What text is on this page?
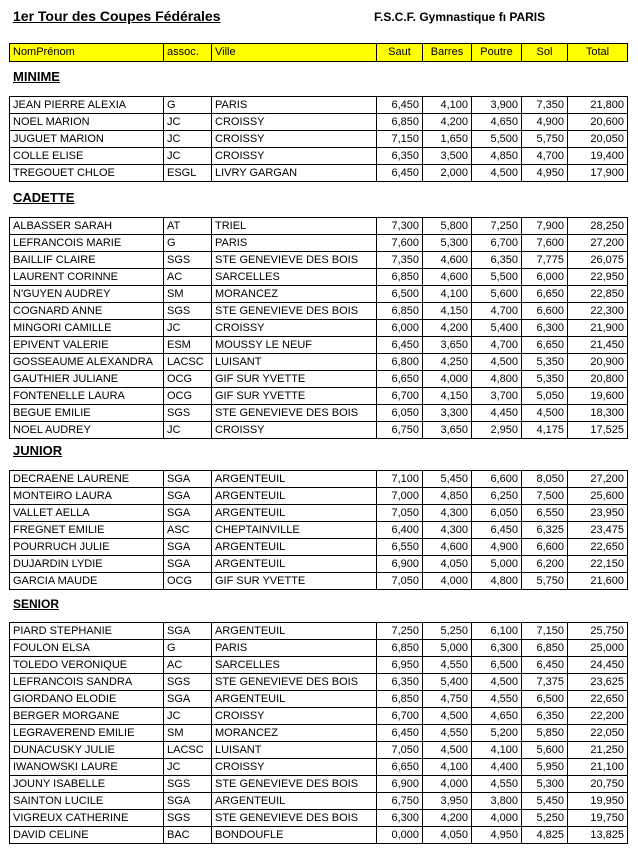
1er Tour des Coupes Fédérales	F.S.C.F. Gymnastique fı PARIS
NomPrénom	assoc.	Ville	Saut	Barres	Poutre	Sol	Total
MINIME
JEAN PIERRE ALEXIA	G	PARIS	6,450	4,100	3,900	7,350	21,800
NOEL MARION	JC	CROISSY	6,850	4,200	4,650	4,900	20,600
JUGUET MARION	JC	CROISSY	7,150	1,650	5,500	5,750	20,050
COLLE ELISE	JC	CROISSY	6,350	3,500	4,850	4,700	19,400
TREGOUET CHLOE	ESGL	LIVRY GARGAN	6,450	2,000	4,500	4,950	17,900
CADETTE
ALBASSER SARAH	AT	TRIEL	7,300	5,800	7,250	7,900	28,250
LEFRANCOIS MARIE	G	PARIS	7,600	5,300	6,700	7,600	27,200
BAILLIF CLAIRE	SGS	STE GENEVIEVE DES BOIS	7,350	4,600	6,350	7,775	26,075
LAURENT CORINNE	AC	SARCELLES	6,850	4,600	5,500	6,000	22,950
N'GUYEN AUDREY	SM	MORANCEZ	6,500	4,100	5,600	6,650	22,850
COGNARD ANNE	SGS	STE GENEVIEVE DES BOIS	6,850	4,150	4,700	6,600	22,300
MINGORI CAMILLE	JC	CROISSY	6,000	4,200	5,400	6,300	21,900
EPIVENT VALERIE	ESM	MOUSSY LE NEUF	6,450	3,650	4,700	6,650	21,450
GOSSEAUME ALEXANDRA	LACSC	LUISANT	6,800	4,250	4,500	5,350	20,900
GAUTHIER JULIANE	OCG	GIF SUR YVETTE	6,650	4,000	4,800	5,350	20,800
FONTENELLE LAURA	OCG	GIF SUR YVETTE	6,700	4,150	3,700	5,050	19,600
BEGUE EMILIE	SGS	STE GENEVIEVE DES BOIS	6,050	3,300	4,450	4,500	18,300
NOEL AUDREY	JC	CROISSY	6,750	3,650	2,950	4,175	17,525
JUNIOR
DECRAENE LAURENE	SGA	ARGENTEUIL	7,100	5,450	6,600	8,050	27,200
MONTEIRO LAURA	SGA	ARGENTEUIL	7,000	4,850	6,250	7,500	25,600
VALLET AELLA	SGA	ARGENTEUIL	7,050	4,300	6,050	6,550	23,950
FREGNET EMILIE	ASC	CHEPTAINVILLE	6,400	4,300	6,450	6,325	23,475
POURRUCH JULIE	SGA	ARGENTEUIL	6,550	4,600	4,900	6,600	22,650
DUJARDIN LYDIE	SGA	ARGENTEUIL	6,900	4,050	5,000	6,200	22,150
GARCIA MAUDE	OCG	GIF SUR YVETTE	7,050	4,000	4,800	5,750	21,600
SENIOR
PIARD STEPHANIE	SGA	ARGENTEUIL	7,250	5,250	6,100	7,150	25,750
FOULON ELSA	G	PARIS	6,850	5,000	6,300	6,850	25,000
TOLEDO VERONIQUE	AC	SARCELLES	6,950	4,550	6,500	6,450	24,450
LEFRANCOIS SANDRA	SGS	STE GENEVIEVE DES BOIS	6,350	5,400	4,500	7,375	23,625
GIORDANO ELODIE	SGA	ARGENTEUIL	6,850	4,750	4,550	6,500	22,650
BERGER MORGANE	JC	CROISSY	6,700	4,500	4,650	6,350	22,200
LEGRAVEREND EMILIE	SM	MORANCEZ	6,450	4,550	5,200	5,850	22,050
DUNACUSKY JULIE	LACSC	LUISANT	7,050	4,500	4,100	5,600	21,250
IWANOWSKI LAURE	JC	CROISSY	6,650	4,100	4,400	5,950	21,100
JOUNY ISABELLE	SGS	STE GENEVIEVE DES BOIS	6,900	4,000	4,550	5,300	20,750
SAINTON LUCILE	SGA	ARGENTEUIL	6,750	3,950	3,800	5,450	19,950
VIGREUX CATHERINE	SGS	STE GENEVIEVE DES BOIS	6,300	4,200	4,000	5,250	19,750
DAVID CELINE	BAC	BONDOUFLE	0,000	4,050	4,950	4,825	13,825
